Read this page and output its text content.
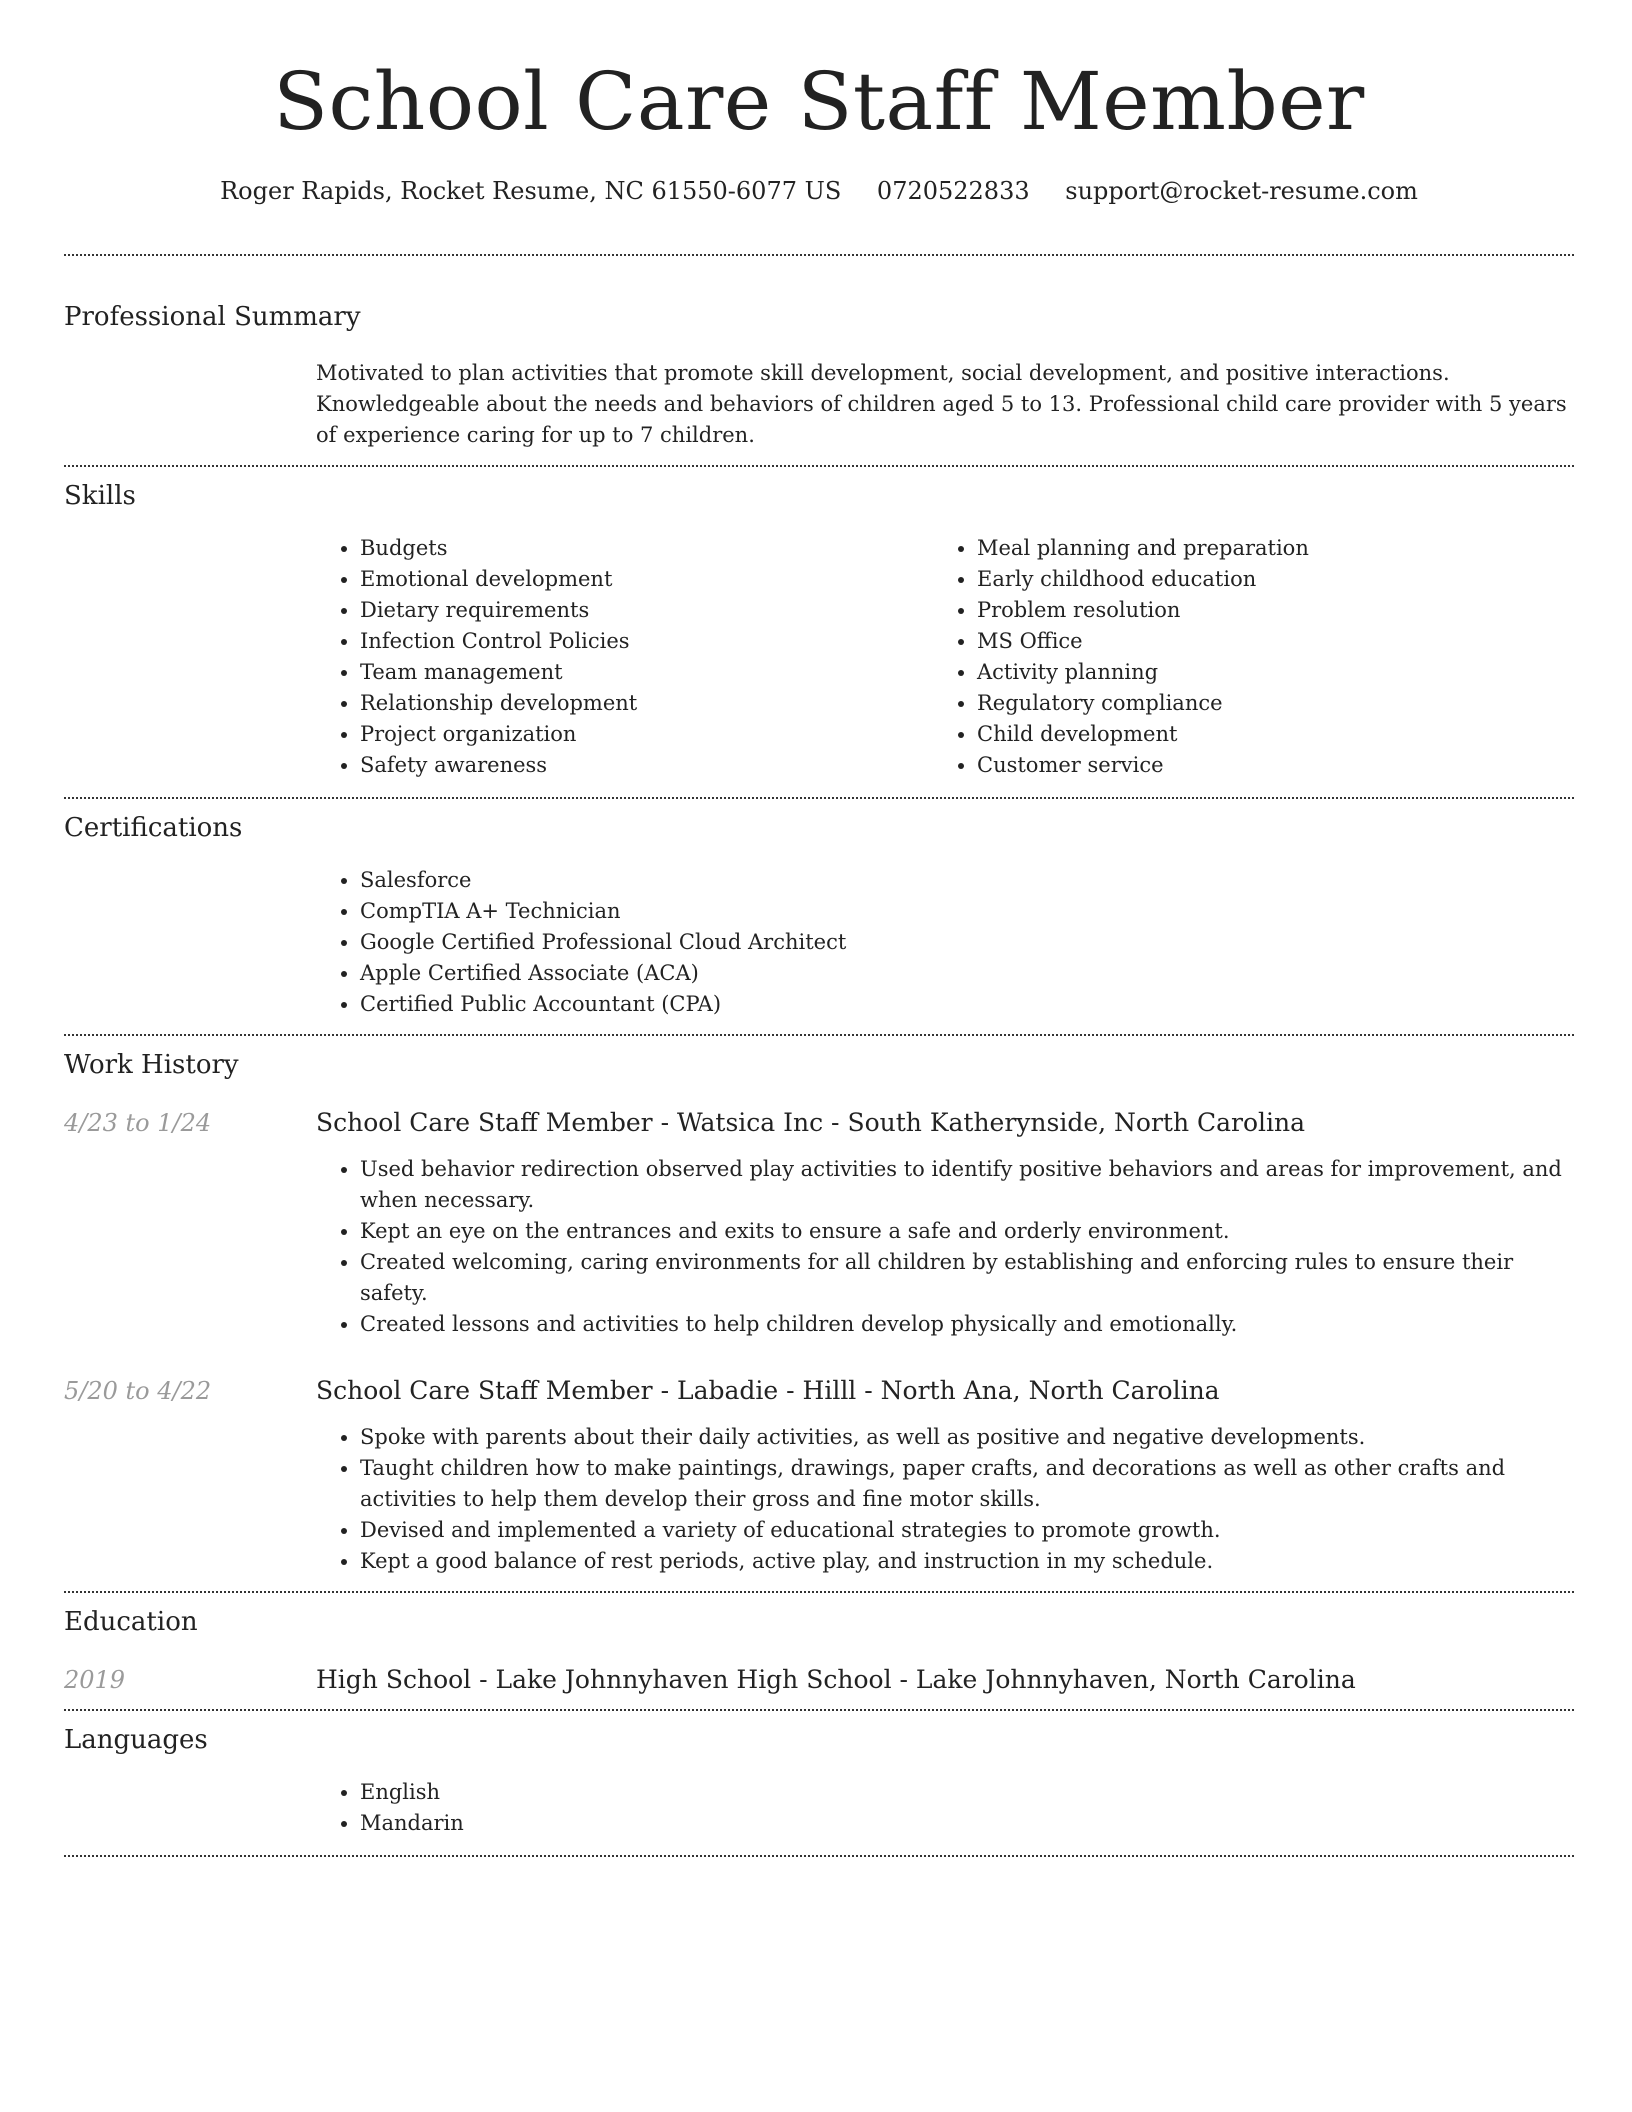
School Care Staff Member
Roger Rapids, Rocket Resume, NC 61550-6077 US 0720522833 support@rocket-resume.com
Professional Summary
Motivated to plan activities that promote skill development, social development, and positive interactions. Knowledgeable about the needs and behaviors of children aged 5 to 13. Professional child care provider with 5 years of experience caring for up to 7 children.
Skills
• Budgets
• Emotional development
• Dietary requirements
• Infection Control Policies
• Team management
• Relationship development
• Project organization
• Safety awareness
• Meal planning and preparation
• Early childhood education
• Problem resolution
• MS Office
• Activity planning
• Regulatory compliance
• Child development
• Customer service
Certifications
• Salesforce
• CompTIA A+ Technician
• Google Certified Professional Cloud Architect
• Apple Certified Associate (ACA)
• Certified Public Accountant (CPA)
Work History
4/23 to 1/24	School Care Staff Member - Watsica Inc - South Katherynside, North Carolina
• Used behavior redirection observed play activities to identify positive behaviors and areas for improvement, and when necessary.
• Kept an eye on the entrances and exits to ensure a safe and orderly environment.
• Created welcoming, caring environments for all children by establishing and enforcing rules to ensure their safety.
• Created lessons and activities to help children develop physically and emotionally.
5/20 to 4/22	School Care Staff Member - Labadie - Hilll - North Ana, North Carolina
• Spoke with parents about their daily activities, as well as positive and negative developments.
• Taught children how to make paintings, drawings, paper crafts, and decorations as well as other crafts and activities to help them develop their gross and fine motor skills.
• Devised and implemented a variety of educational strategies to promote growth.
• Kept a good balance of rest periods, active play, and instruction in my schedule.
Education
2019	High School - Lake Johnnyhaven High School - Lake Johnnyhaven, North Carolina
Languages
• English
• Mandarin
